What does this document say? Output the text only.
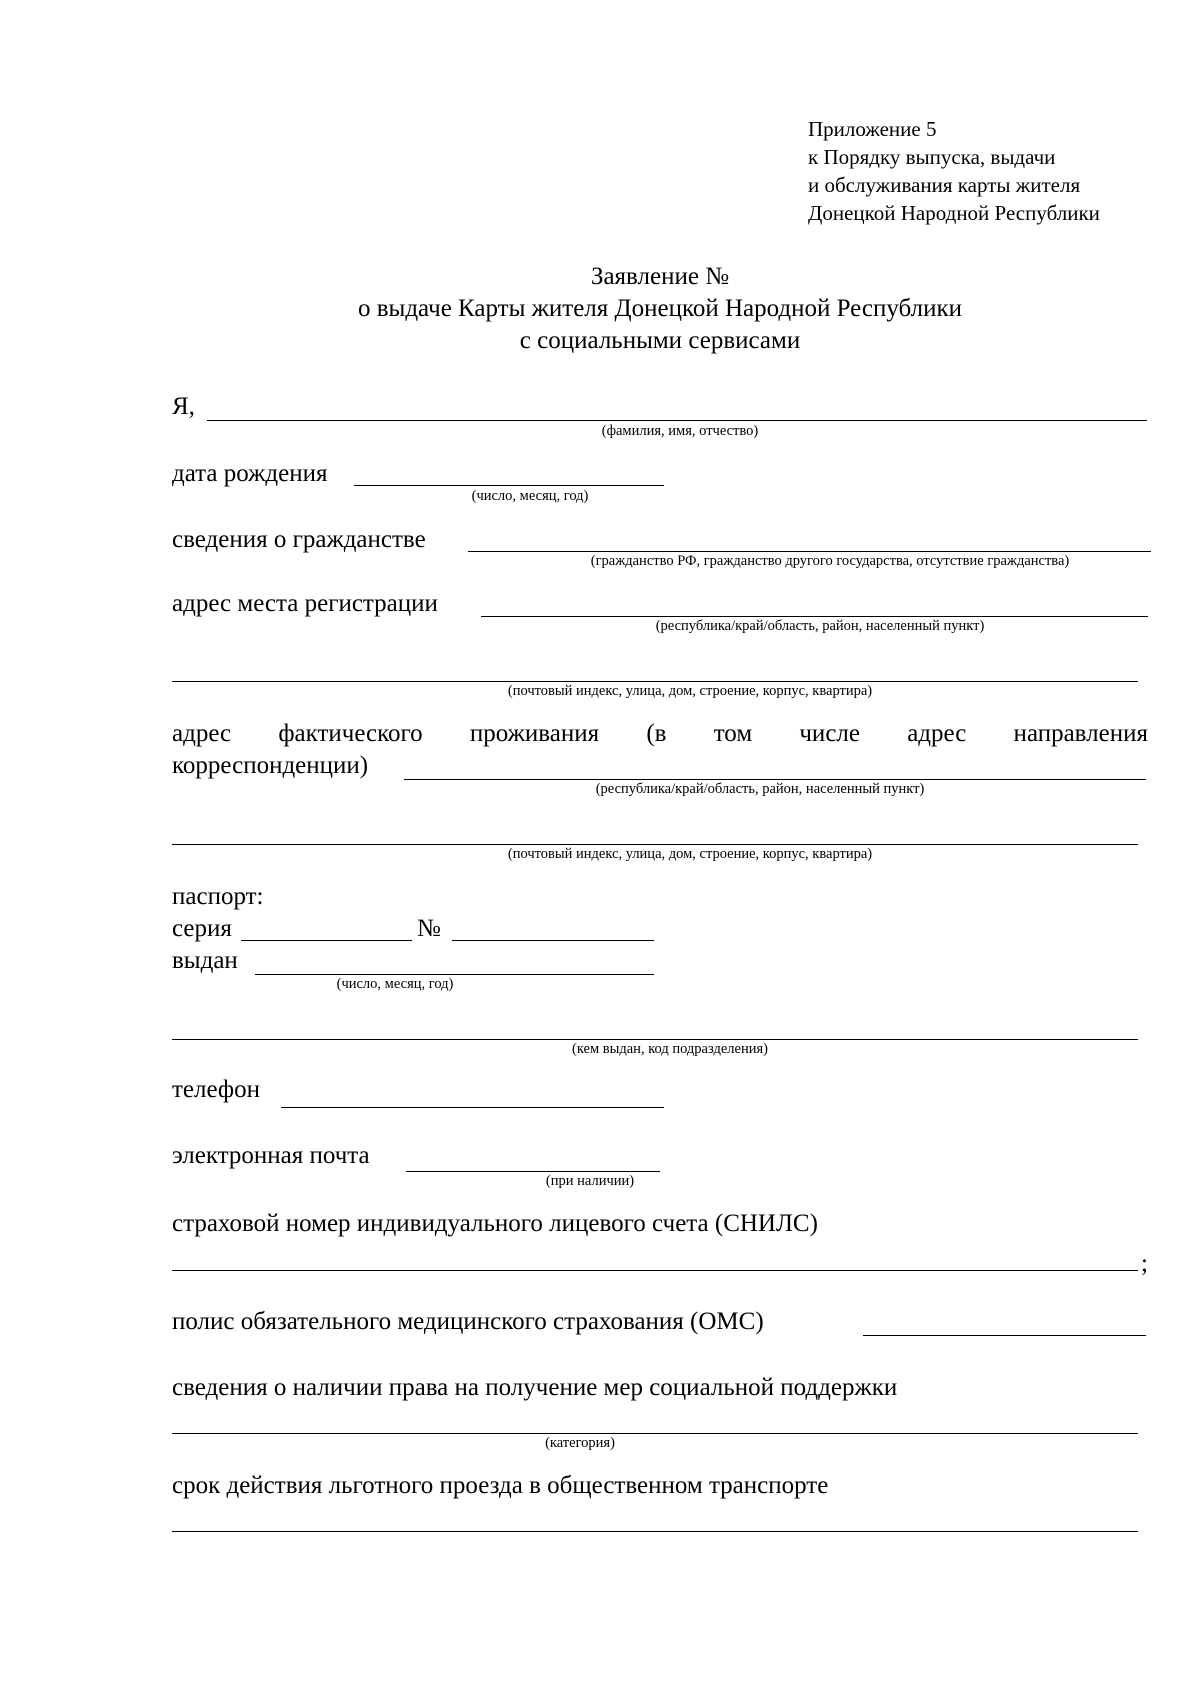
Приложение 5
к Порядку выпуска, выдачи
и обслуживания карты жителя
Донецкой Народной Республики
Заявление №
о выдаче Карты жителя Донецкой Народной Республики
с социальными сервисами
Я,
(фамилия, имя, отчество)
дата рождения
(число, месяц, год)
сведения о гражданстве
(гражданство РФ, гражданство другого государства, отсутствие гражданства)
адрес места регистрации
(республика/край/область, район, населенный пункт)
(почтовый индекс, улица, дом, строение, корпус, квартира)
адрес фактического проживания (в том числе адрес направления
корреспонденции)
(республика/край/область, район, населенный пункт)
(почтовый индекс, улица, дом, строение, корпус, квартира)
паспорт:
серия	№
выдан
(число, месяц, год)
(кем выдан, код подразделения)
телефон
электронная почта
(при наличии)
страховой номер индивидуального лицевого счета (СНИЛС)
;
полис обязательного медицинского страхования (ОМС)
сведения о наличии права на получение мер социальной поддержки
(категория)
срок действия льготного проезда в общественном транспорте
